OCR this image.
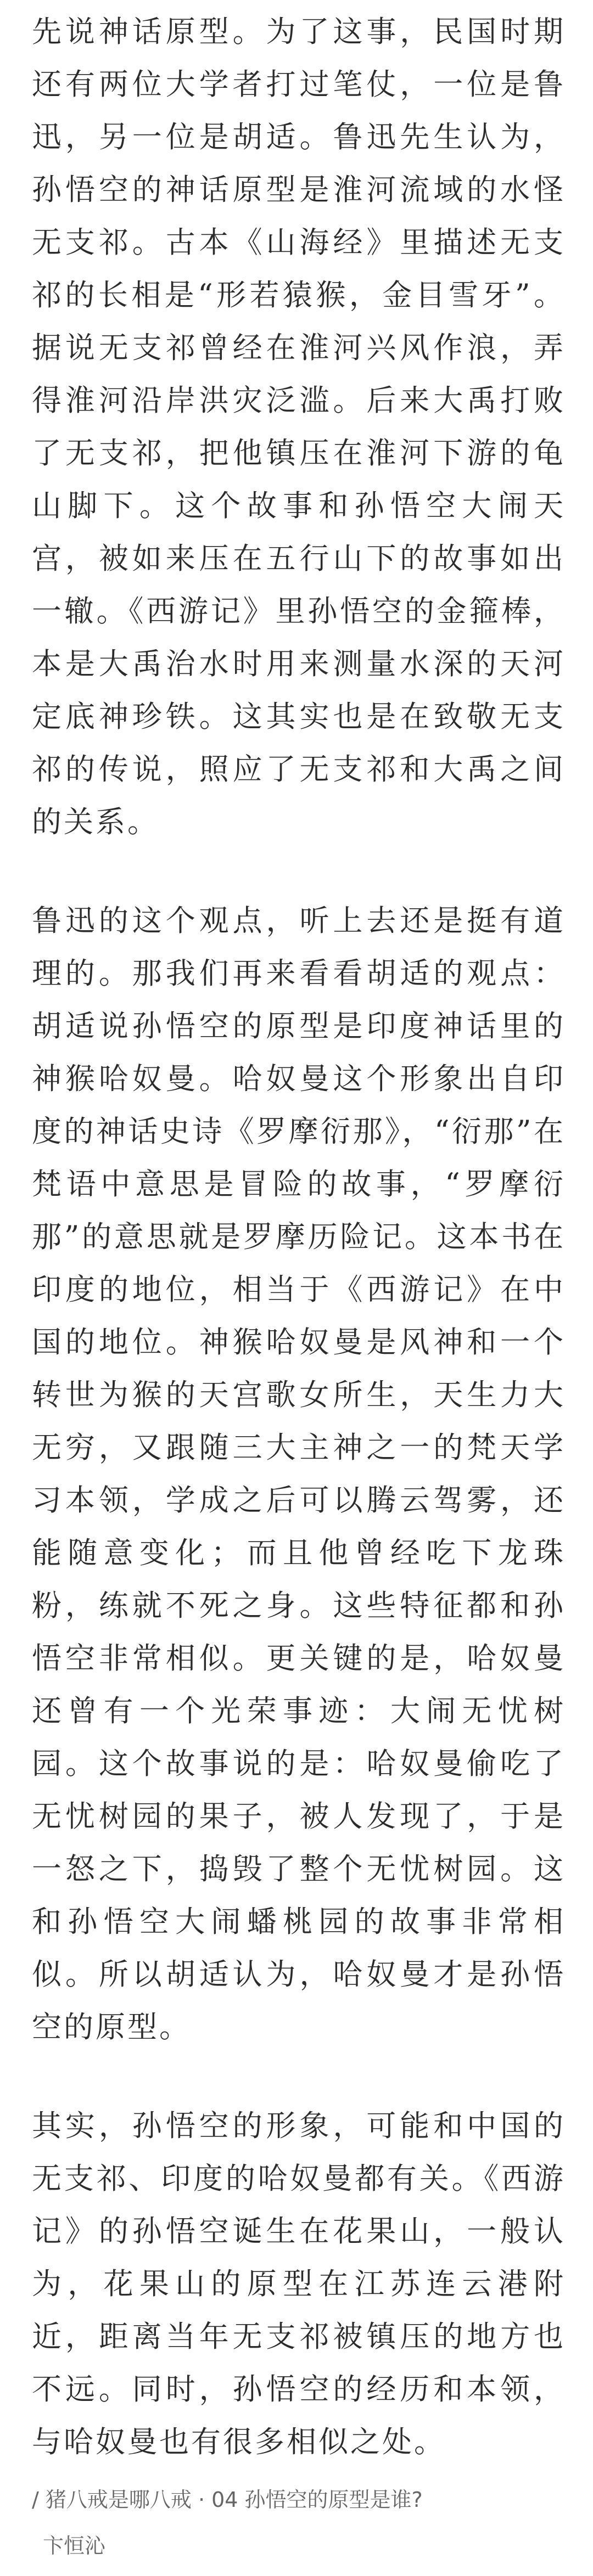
先说神话原型。为了这事，民国时期还有两位大学者打过笔仗，一位是鲁迅，另一位是胡适。鲁迅先生认为，孙悟空的神话原型是淮河流域的水怪无支祁。古本《山海经》里描述无支祁的长相是“形若猿猴，金目雪牙”。据说无支祁曾经在淮河兴风作浪，弄得淮河沿岸洪灾泛滥。后来大禹打败了无支祁，把他镇压在淮河下游的龟山脚下。这个故事和孙悟空大闹天宫，被如来压在五行山下的故事如出一辙。《西游记》里孙悟空的金箍棒，本是大禹治水时用来测量水深的天河定底神珍铁。这其实也是在致敬无支祁的传说，照应了无支祁和大禹之间的关系。

鲁迅的这个观点，听上去还是挺有道理的。那我们再来看看胡适的观点：胡适说孙悟空的原型是印度神话里的神猴哈奴曼。哈奴曼这个形象出自印度的神话史诗《罗摩衍那》，“衍那”在梵语中意思是冒险的故事，“罗摩衍那”的意思就是罗摩历险记。这本书在印度的地位，相当于《西游记》在中国的地位。神猴哈奴曼是风神和一个转世为猴的天宫歌女所生，天生力大无穷，又跟随三大主神之一的梵天学习本领，学成之后可以腾云驾雾，还能随意变化；而且他曾经吃下龙珠粉，练就不死之身。这些特征都和孙悟空非常相似。更关键的是，哈奴曼还曾有一个光荣事迹：大闹无忧树园。这个故事说的是：哈奴曼偷吃了无忧树园的果子，被人发现了，于是一怒之下，捣毁了整个无忧树园。这和孙悟空大闹蟠桃园的故事非常相似。所以胡适认为，哈奴曼才是孙悟空的原型。

其实，孙悟空的形象，可能和中国的无支祁、印度的哈奴曼都有关。《西游记》的孙悟空诞生在花果山，一般认为，花果山的原型在江苏连云港附近，距离当年无支祁被镇压的地方也不远。同时，孙悟空的经历和本领，与哈奴曼也有很多相似之处。

/ 猪八戒是哪八戒 · 04 孙悟空的原型是谁?
卞恒沁
